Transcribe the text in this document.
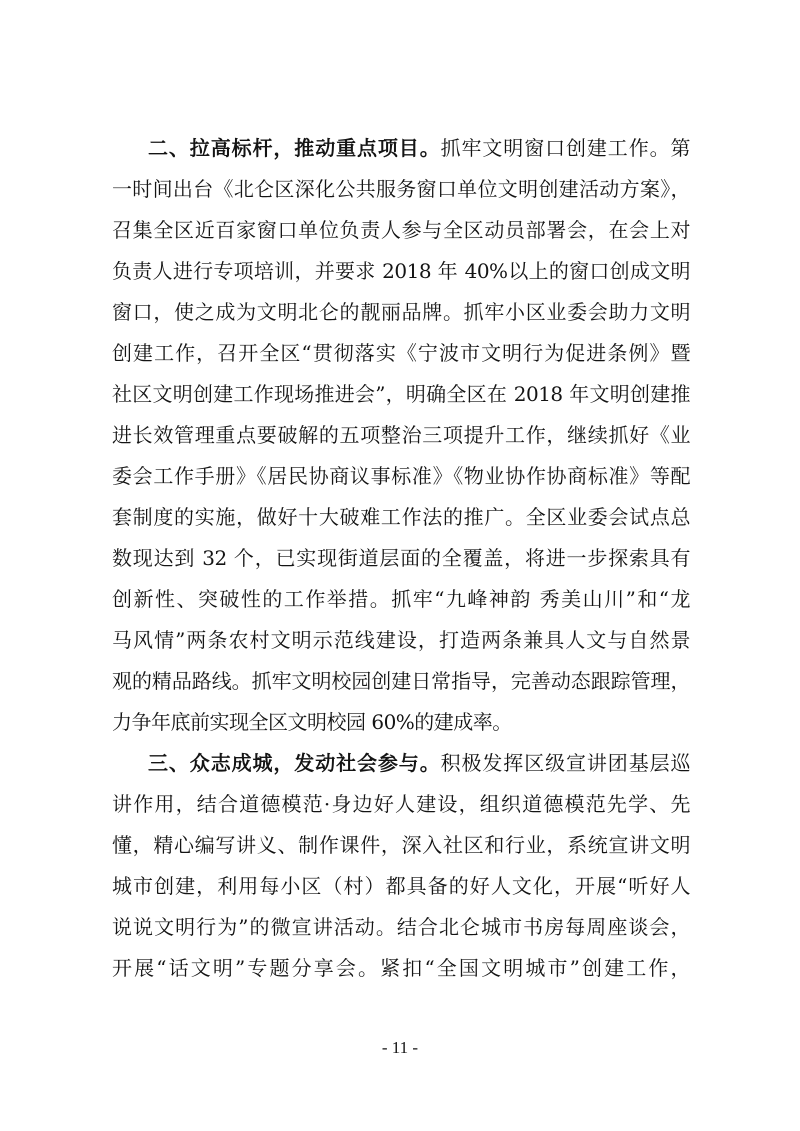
二、拉高标杆，推动重点项目。抓牢文明窗口创建工作。第
一时间出台《北仑区深化公共服务窗口单位文明创建活动方案》，
召集全区近百家窗口单位负责人参与全区动员部署会，在会上对
负责人进行专项培训，并要求 2018 年 40%以上的窗口创成文明
窗口，使之成为文明北仑的靓丽品牌。抓牢小区业委会助力文明
创建工作，召开全区“贯彻落实《宁波市文明行为促进条例》暨
社区文明创建工作现场推进会”，明确全区在 2018 年文明创建推
进长效管理重点要破解的五项整治三项提升工作，继续抓好《业
委会工作手册》《居民协商议事标准》《物业协作协商标准》等配
套制度的实施，做好十大破难工作法的推广。全区业委会试点总
数现达到 32 个，已实现街道层面的全覆盖，将进一步探索具有
创新性、突破性的工作举措。抓牢“九峰神韵 秀美山川”和“龙
马风情”两条农村文明示范线建设，打造两条兼具人文与自然景
观的精品路线。抓牢文明校园创建日常指导，完善动态跟踪管理，
力争年底前实现全区文明校园 60%的建成率。
三、众志成城，发动社会参与。积极发挥区级宣讲团基层巡
讲作用，结合道德模范·身边好人建设，组织道德模范先学、先
懂，精心编写讲义、制作课件，深入社区和行业，系统宣讲文明
城市创建，利用每小区（村）都具备的好人文化，开展“听好人
说说文明行为”的微宣讲活动。结合北仑城市书房每周座谈会，
开展“话文明”专题分享会。紧扣“全国文明城市”创建工作，
- 11 -
